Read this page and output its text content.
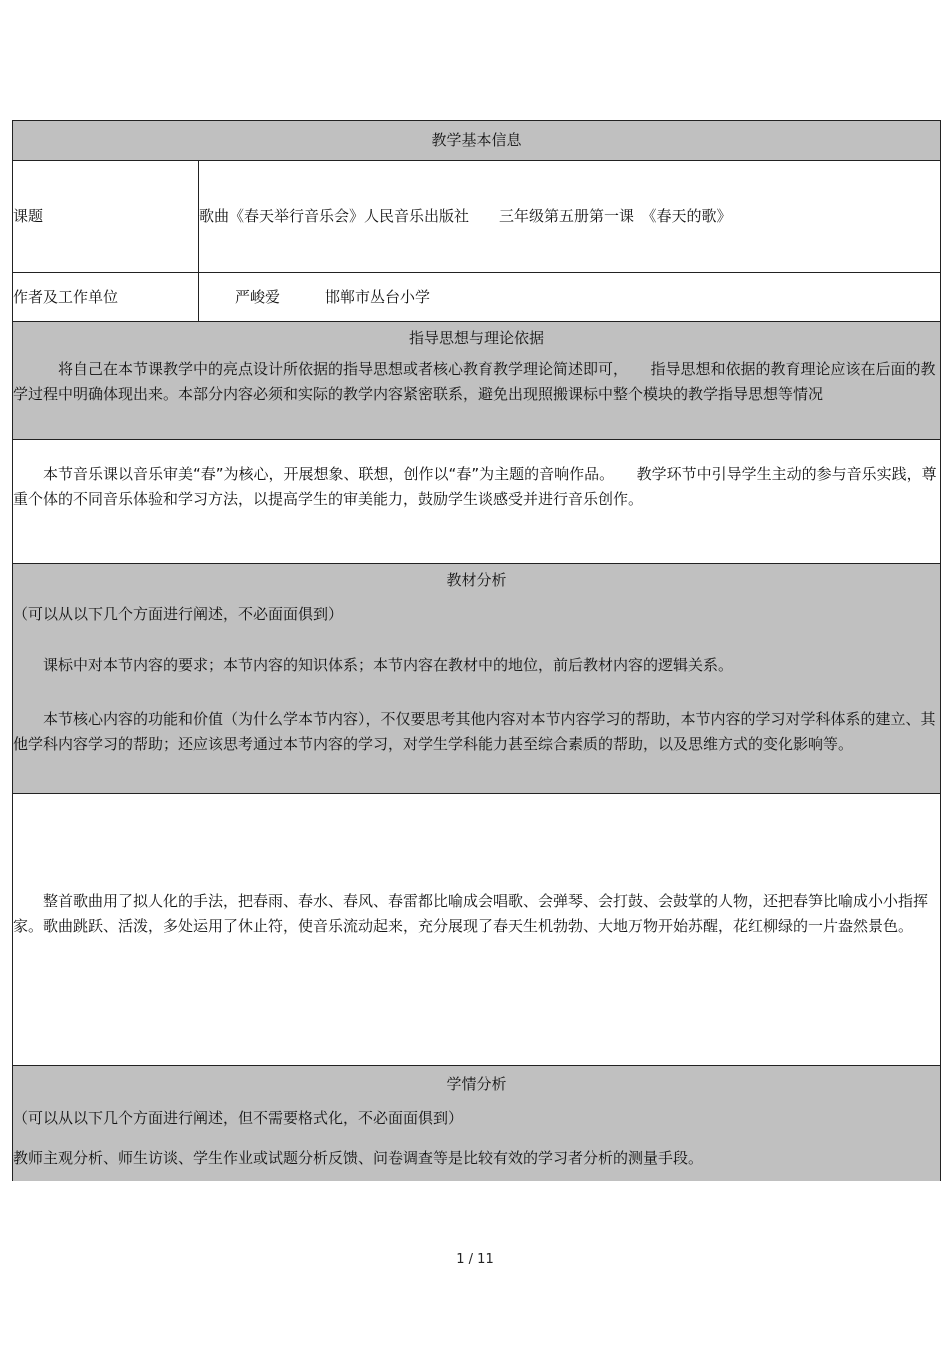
教学基本信息
课题	歌曲《春天举行音乐会》人民音乐出版社　　三年级第五册第一课　《春天的歌》
作者及工作单位	严峻爱　　　邯郸市丛台小学
指导思想与理论依据
　　　将自己在本节课教学中的亮点设计所依据的指导思想或者核心教育教学理论简述即可，　　指导思想和依据的教育理论应该在后面的教学过程中明确体现出来。本部分内容必须和实际的教学内容紧密联系，避免出现照搬课标中整个模块的教学指导思想等情况
　　本节音乐课以音乐审美“春”为核心，开展想象、联想，创作以“春”为主题的音响作品。　　教学环节中引导学生主动的参与音乐实践，尊重个体的不同音乐体验和学习方法，以提高学生的审美能力，鼓励学生谈感受并进行音乐创作。
教材分析
（可以从以下几个方面进行阐述，不必面面俱到）
　　课标中对本节内容的要求；本节内容的知识体系；本节内容在教材中的地位，前后教材内容的逻辑关系。
　　本节核心内容的功能和价值（为什么学本节内容），不仅要思考其他内容对本节内容学习的帮助，本节内容的学习对学科体系的建立、其他学科内容学习的帮助；还应该思考通过本节内容的学习，对学生学科能力甚至综合素质的帮助，以及思维方式的变化影响等。
　　整首歌曲用了拟人化的手法，把春雨、春水、春风、春雷都比喻成会唱歌、会弹琴、会打鼓、会鼓掌的人物，还把春笋比喻成小小指挥家。歌曲跳跃、活泼，多处运用了休止符，使音乐流动起来，充分展现了春天生机勃勃、大地万物开始苏醒，花红柳绿的一片盎然景色。
学情分析
（可以从以下几个方面进行阐述，但不需要格式化，不必面面俱到）
教师主观分析、师生访谈、学生作业或试题分析反馈、问卷调查等是比较有效的学习者分析的测量手段。
1 / 11
